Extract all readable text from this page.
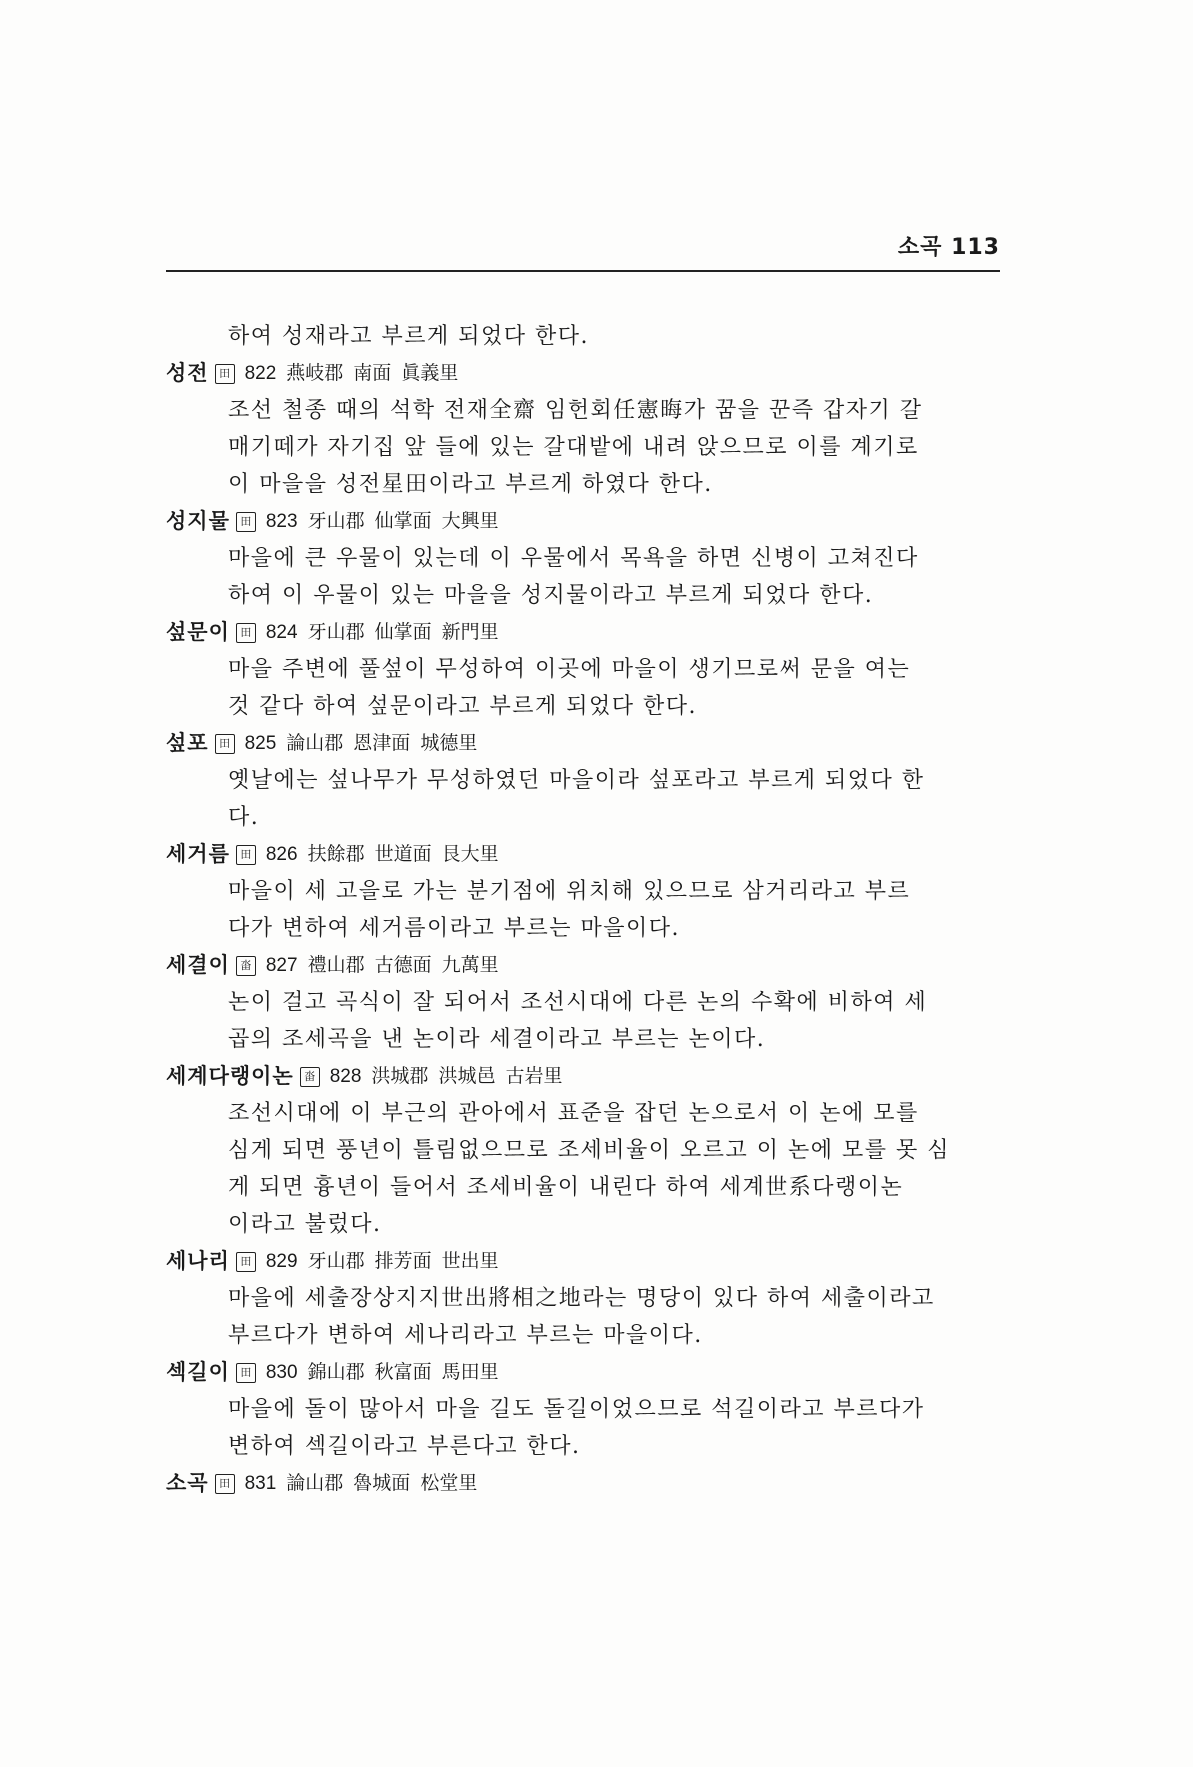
소곡 113
하여 성재라고 부르게 되었다 한다.
성전 田 822 燕岐郡 南面 眞義里
조선 철종 때의 석학 전재全齋 임헌회任憲晦가 꿈을 꾼즉 갑자기 갈
매기떼가 자기집 앞 들에 있는 갈대밭에 내려 앉으므로 이를 계기로
이 마을을 성전星田이라고 부르게 하였다 한다.
성지물 田 823 牙山郡 仙掌面 大興里
마을에 큰 우물이 있는데 이 우물에서 목욕을 하면 신병이 고쳐진다
하여 이 우물이 있는 마을을 성지물이라고 부르게 되었다 한다.
섶문이 田 824 牙山郡 仙掌面 新門里
마을 주변에 풀섶이 무성하여 이곳에 마을이 생기므로써 문을 여는
것 같다 하여 섶문이라고 부르게 되었다 한다.
섶포 田 825 論山郡 恩津面 城德里
옛날에는 섶나무가 무성하였던 마을이라 섶포라고 부르게 되었다 한
다.
세거름 田 826 扶餘郡 世道面 艮大里
마을이 세 고을로 가는 분기점에 위치해 있으므로 삼거리라고 부르
다가 변하여 세거름이라고 부르는 마을이다.
세결이 畓 827 禮山郡 古德面 九萬里
논이 걸고 곡식이 잘 되어서 조선시대에 다른 논의 수확에 비하여 세
곱의 조세곡을 낸 논이라 세결이라고 부르는 논이다.
세계다랭이논 畓 828 洪城郡 洪城邑 古岩里
조선시대에 이 부근의 관아에서 표준을 잡던 논으로서 이 논에 모를
심게 되면 풍년이 틀림없으므로 조세비율이 오르고 이 논에 모를 못 심
게 되면 흉년이 들어서 조세비율이 내린다 하여 세계世系다랭이논
이라고 불렀다.
세나리 田 829 牙山郡 排芳面 世出里
마을에 세출장상지지世出將相之地라는 명당이 있다 하여 세출이라고
부르다가 변하여 세나리라고 부르는 마을이다.
섹길이 田 830 錦山郡 秋富面 馬田里
마을에 돌이 많아서 마을 길도 돌길이었으므로 석길이라고 부르다가
변하여 섹길이라고 부른다고 한다.
소곡 田 831 論山郡 魯城面 松堂里
